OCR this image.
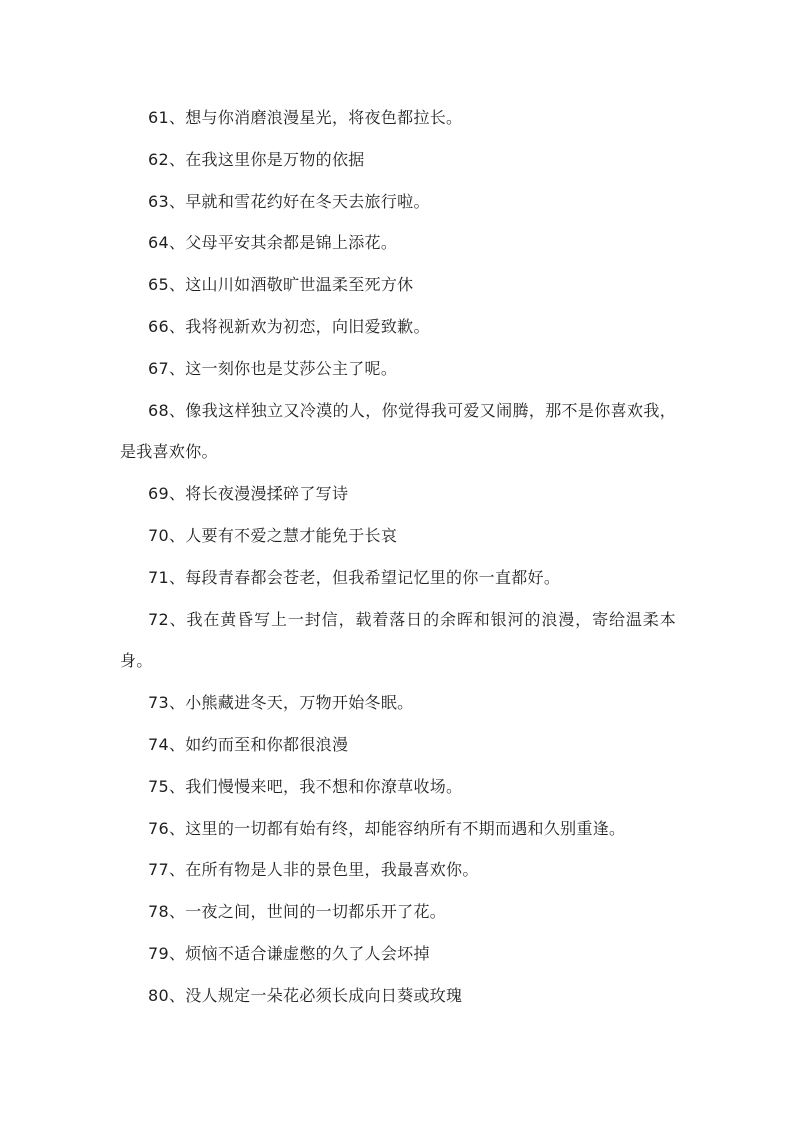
61、想与你消磨浪漫星光，将夜色都拉长。

62、在我这里你是万物的依据

63、早就和雪花约好在冬天去旅行啦。

64、父母平安其余都是锦上添花。

65、这山川如酒敬旷世温柔至死方休

66、我将视新欢为初恋，向旧爱致歉。

67、这一刻你也是艾莎公主了呢。

68、像我这样独立又冷漠的人，你觉得我可爱又闹腾，那不是你喜欢我，是我喜欢你。

69、将长夜漫漫揉碎了写诗

70、人要有不爱之慧才能免于长哀

71、每段青春都会苍老，但我希望记忆里的你一直都好。

72、我在黄昏写上一封信，载着落日的余晖和银河的浪漫，寄给温柔本身。

73、小熊藏进冬天，万物开始冬眠。

74、如约而至和你都很浪漫

75、我们慢慢来吧，我不想和你潦草收场。

76、这里的一切都有始有终，却能容纳所有不期而遇和久别重逢。

77、在所有物是人非的景色里，我最喜欢你。

78、一夜之间，世间的一切都乐开了花。

79、烦恼不适合谦虚憋的久了人会坏掉

80、没人规定一朵花必须长成向日葵或玫瑰
